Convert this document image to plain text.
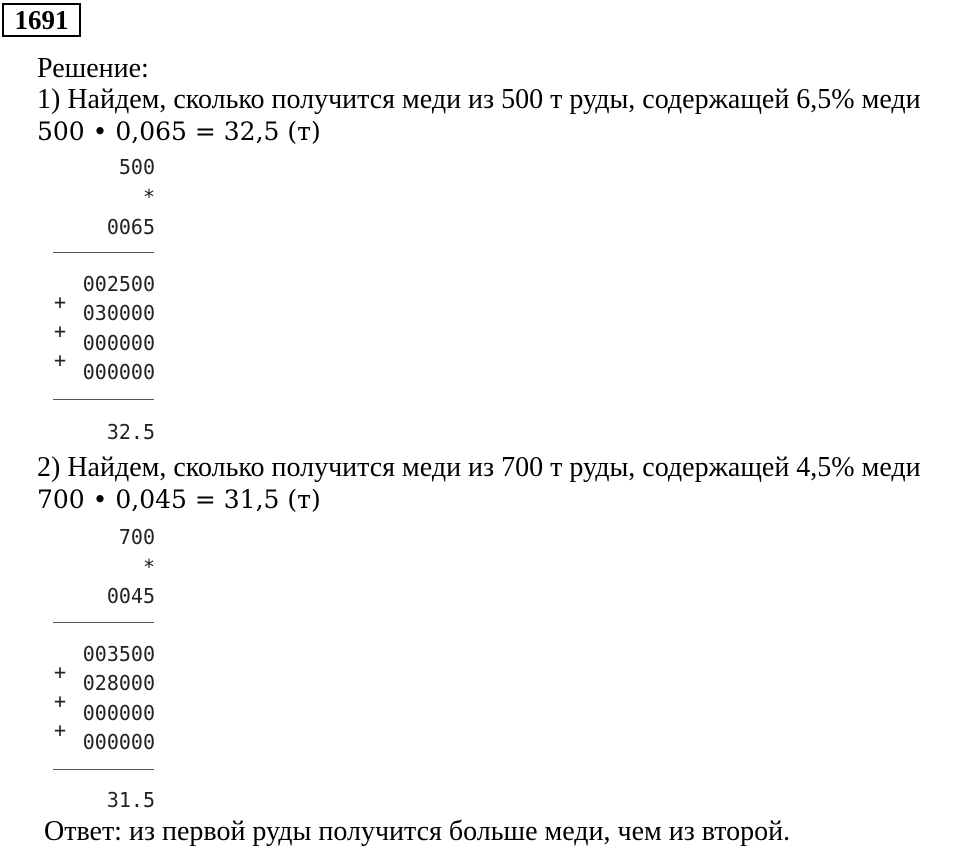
1691
Решение:
1) Найдем, сколько получится меди из 500 т руды, содержащей 6,5% меди
500 • 0,065 = 32,5 (т)
500
*
0065
002500
+ 030000
+ 000000
+ 000000
32.5
2) Найдем, сколько получится меди из 700 т руды, содержащей 4,5% меди
700 • 0,045 = 31,5 (т)
700
*
0045
003500
+ 028000
+ 000000
+ 000000
31.5
Ответ: из первой руды получится больше меди, чем из второй.
